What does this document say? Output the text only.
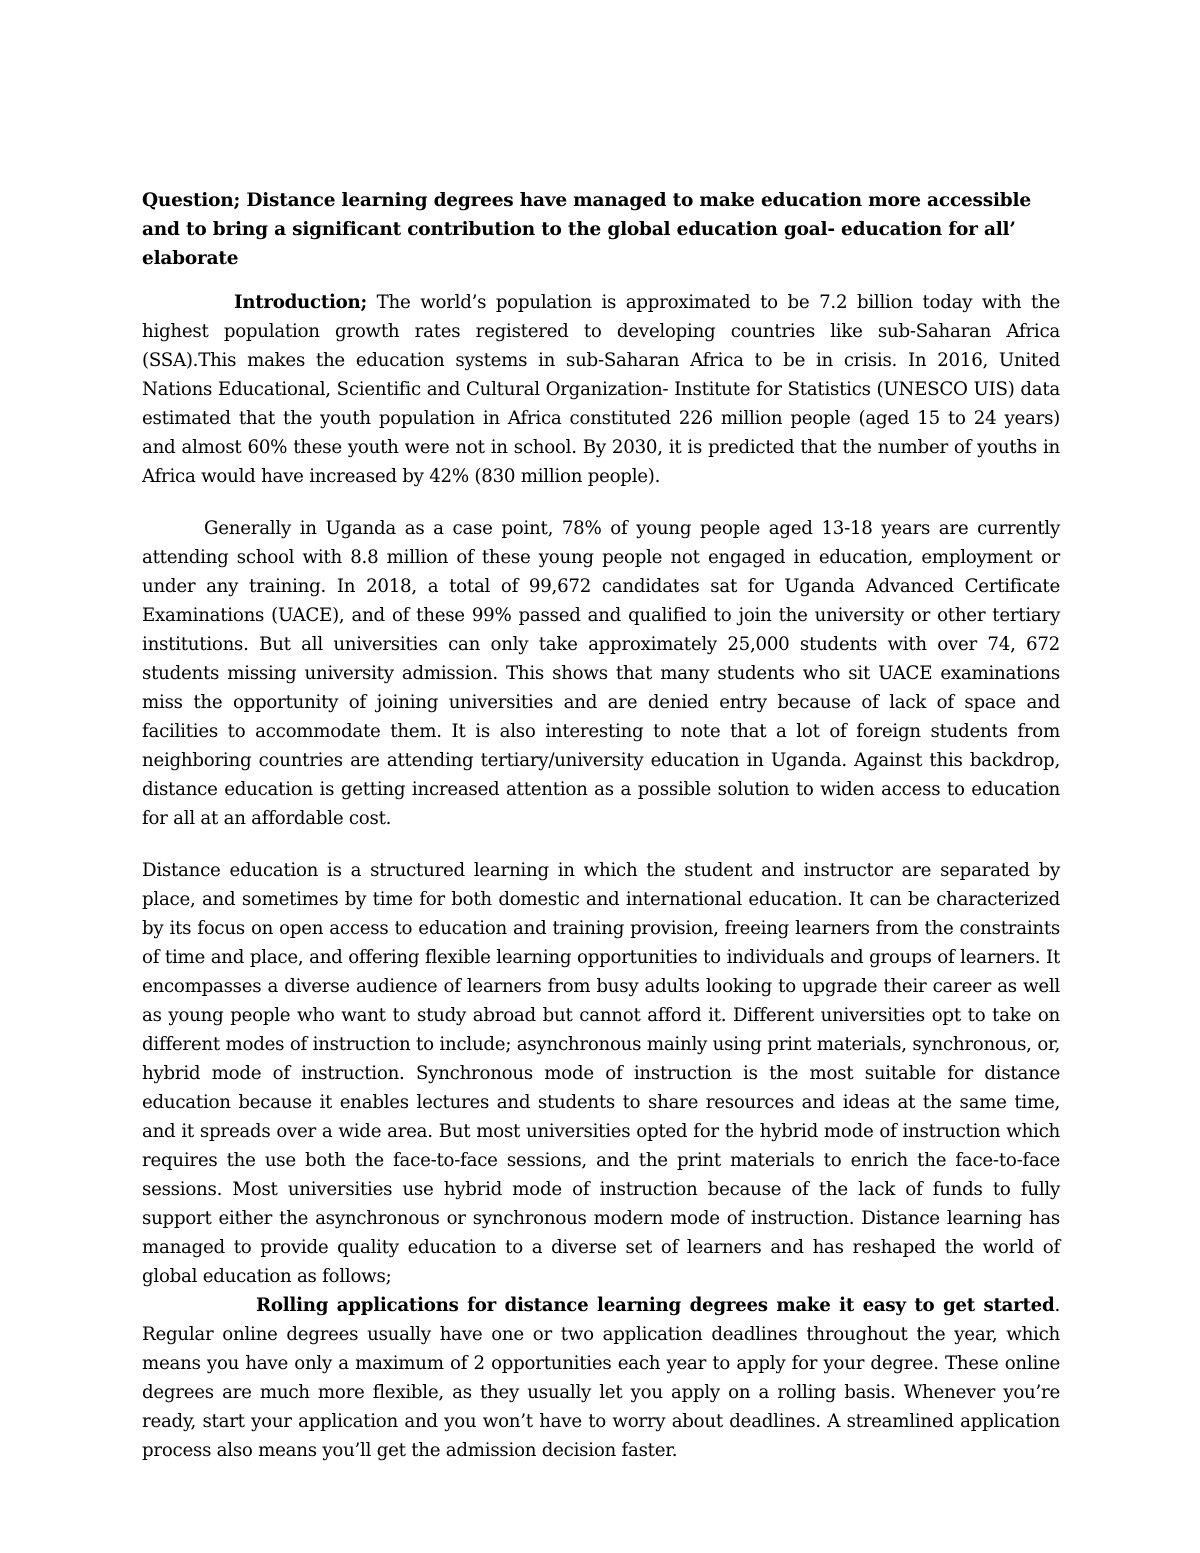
Question; Distance learning degrees have managed to make education more accessible and to bring a significant contribution to the global education goal- education for all’ elaborate

Introduction; The world’s population is approximated to be 7.2 billion today with the highest population growth rates registered to developing countries like sub-Saharan Africa (SSA).This makes the education systems in sub-Saharan Africa to be in crisis. In 2016, United Nations Educational, Scientific and Cultural Organization- Institute for Statistics (UNESCO UIS) data estimated that the youth population in Africa constituted 226 million people (aged 15 to 24 years) and almost 60% these youth were not in school. By 2030, it is predicted that the number of youths in Africa would have increased by 42% (830 million people).

Generally in Uganda as a case point, 78% of young people aged 13-18 years are currently attending school with 8.8 million of these young people not engaged in education, employment or under any training. In 2018, a total of 99,672 candidates sat for Uganda Advanced Certificate Examinations (UACE), and of these 99% passed and qualified to join the university or other tertiary institutions. But all universities can only take approximately 25,000 students with over 74, 672 students missing university admission. This shows that many students who sit UACE examinations miss the opportunity of joining universities and are denied entry because of lack of space and facilities to accommodate them. It is also interesting to note that a lot of foreign students from neighboring countries are attending tertiary/university education in Uganda. Against this backdrop, distance education is getting increased attention as a possible solution to widen access to education for all at an affordable cost.

Distance education is a structured learning in which the student and instructor are separated by place, and sometimes by time for both domestic and international education. It can be characterized by its focus on open access to education and training provision, freeing learners from the constraints of time and place, and offering flexible learning opportunities to individuals and groups of learners. It encompasses a diverse audience of learners from busy adults looking to upgrade their career as well as young people who want to study abroad but cannot afford it. Different universities opt to take on different modes of instruction to include; asynchronous mainly using print materials, synchronous, or, hybrid mode of instruction. Synchronous mode of instruction is the most suitable for distance education because it enables lectures and students to share resources and ideas at the same time, and it spreads over a wide area. But most universities opted for the hybrid mode of instruction which requires the use both the face-to-face sessions, and the print materials to enrich the face-to-face sessions. Most universities use hybrid mode of instruction because of the lack of funds to fully support either the asynchronous or synchronous modern mode of instruction. Distance learning has managed to provide quality education to a diverse set of learners and has reshaped the world of global education as follows;

Rolling applications for distance learning degrees make it easy to get started. Regular online degrees usually have one or two application deadlines throughout the year, which means you have only a maximum of 2 opportunities each year to apply for your degree. These online degrees are much more flexible, as they usually let you apply on a rolling basis. Whenever you’re ready, start your application and you won’t have to worry about deadlines. A streamlined application process also means you’ll get the admission decision faster.
